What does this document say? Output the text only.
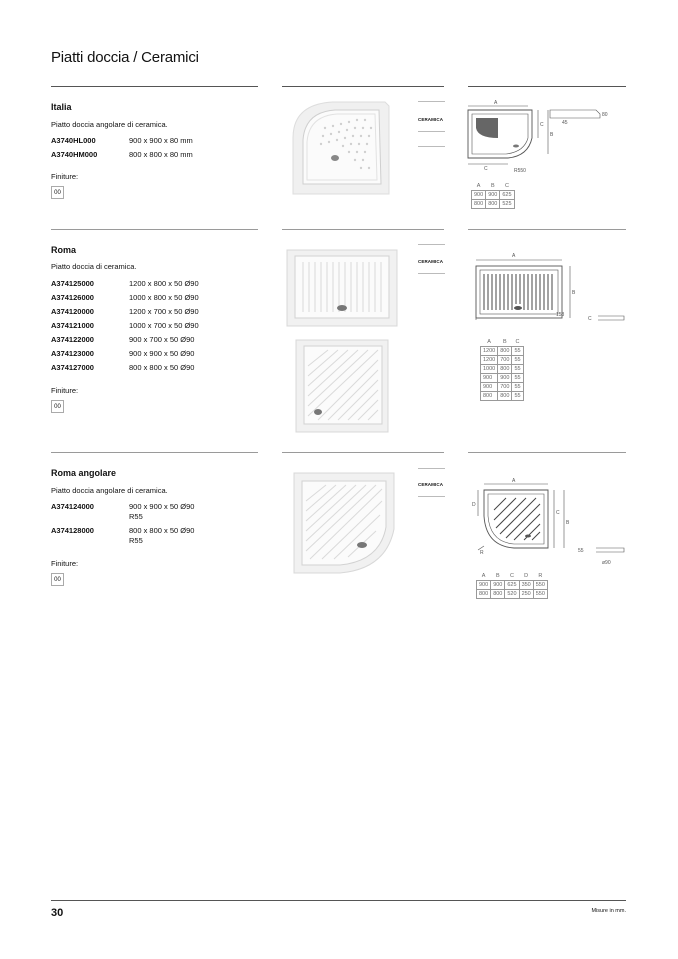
Piatti doccia / Ceramici
Italia
Piatto doccia angolare di ceramica.
A3740HL000	900 x 900 x 80 mm
A3740HM000	800 x 800 x 80 mm
Finiture:
00
CERAMICA
A
C
B
C	R550
45
80
A	B	C
900	900	625
800	800	525
Roma
Piatto doccia di ceramica.
A374125000	1200 x 800 x 50 Ø90
A374126000	1000 x 800 x 50 Ø90
A374120000	1200 x 700 x 50 Ø90
A374121000	1000 x 700 x 50 Ø90
A374122000	900 x 700 x 50 Ø90
A374123000	900 x 900 x 50 Ø90
A374127000	800 x 800 x 50 Ø90
Finiture:
00
CERAMICA
A
B
C
153
A	B	C
1200	800	55
1200	700	55
1000	800	55
900	900	55
900	700	55
800	800	55
Roma angolare
Piatto doccia angolare di ceramica.
A374124000	900 x 900 x 50 Ø90
R55
A374128000	800 x 800 x 50 Ø90
R55
Finiture:
00
CERAMICA
A
C
B
D
R	55
ø90
A	B	C	D	R
900	900	625	350	550
800	800	520	250	550
30	Misure in mm.
